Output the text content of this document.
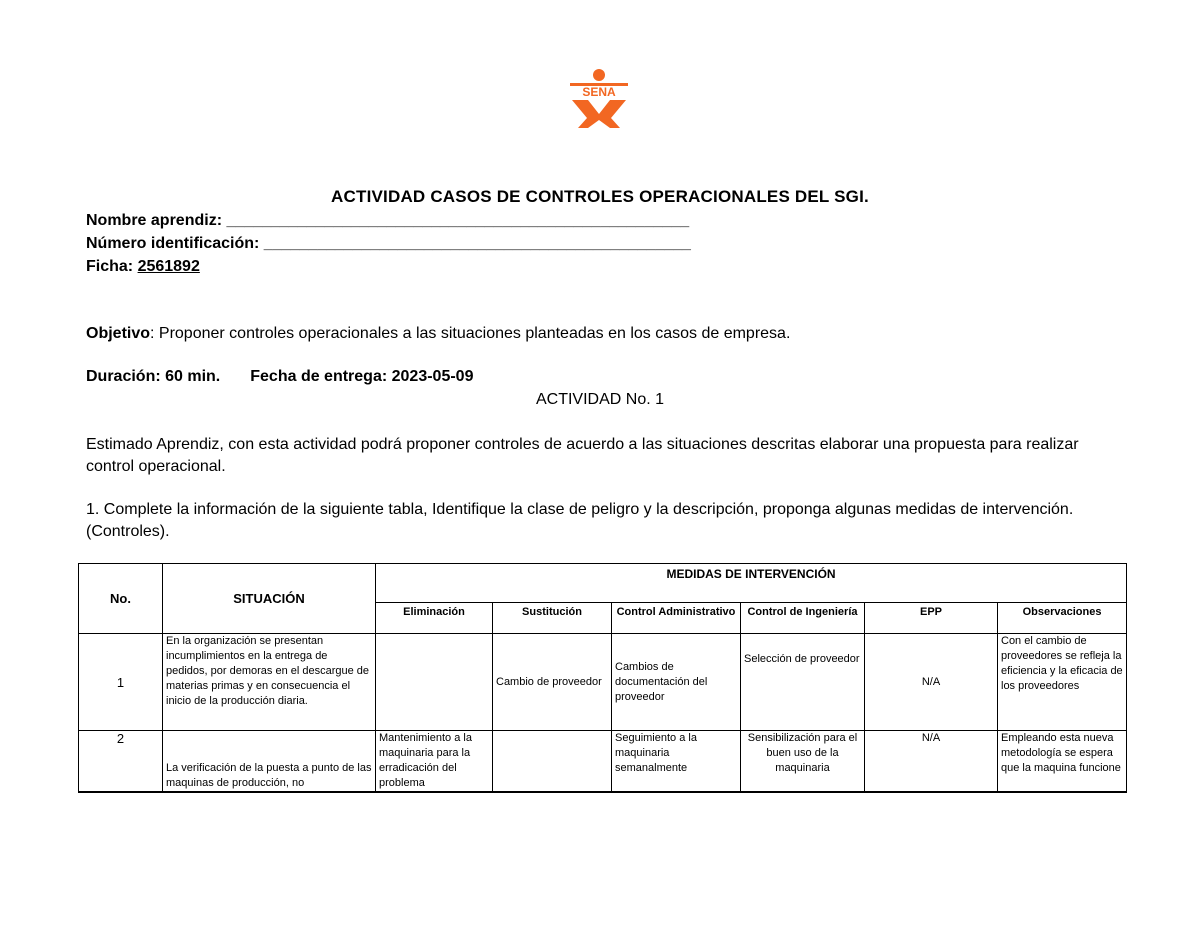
SENA
ACTIVIDAD CASOS DE CONTROLES OPERACIONALES DEL SGI.
Nombre aprendiz: ____________________________________________________
Número identificación: ________________________________________________
Ficha: 2561892
Objetivo: Proponer controles operacionales a las situaciones planteadas en los casos de empresa.
Duración: 60 min. Fecha de entrega: 2023-05-09
ACTIVIDAD No. 1
Estimado Aprendiz, con esta actividad podrá proponer controles de acuerdo a las situaciones descritas elaborar una propuesta para realizar control operacional.
1. Complete la información de la siguiente tabla, Identifique la clase de peligro y la descripción, proponga algunas medidas de intervención. (Controles).
No.	SITUACIÓN	MEDIDAS DE INTERVENCIÓN					
		Eliminación	Sustitución	Control Administrativo	Control de Ingeniería	EPP	Observaciones
1	En la organización se presentan incumplimientos en la entrega de pedidos, por demoras en el descargue de materias primas y en consecuencia el inicio de la producción diaria.		Cambio de proveedor	Cambios de documentación del proveedor	Selección de proveedor	N/A	Con el cambio de proveedores se refleja la eficiencia y la eficacia de los proveedores
2	La verificación de la puesta a punto de las maquinas de producción, no	Mantenimiento a la maquinaria para la erradicación del problema		Seguimiento a la maquinaria semanalmente	Sensibilización para el buen uso de la maquinaria	N/A	Empleando esta nueva metodología se espera que la maquina funcione
